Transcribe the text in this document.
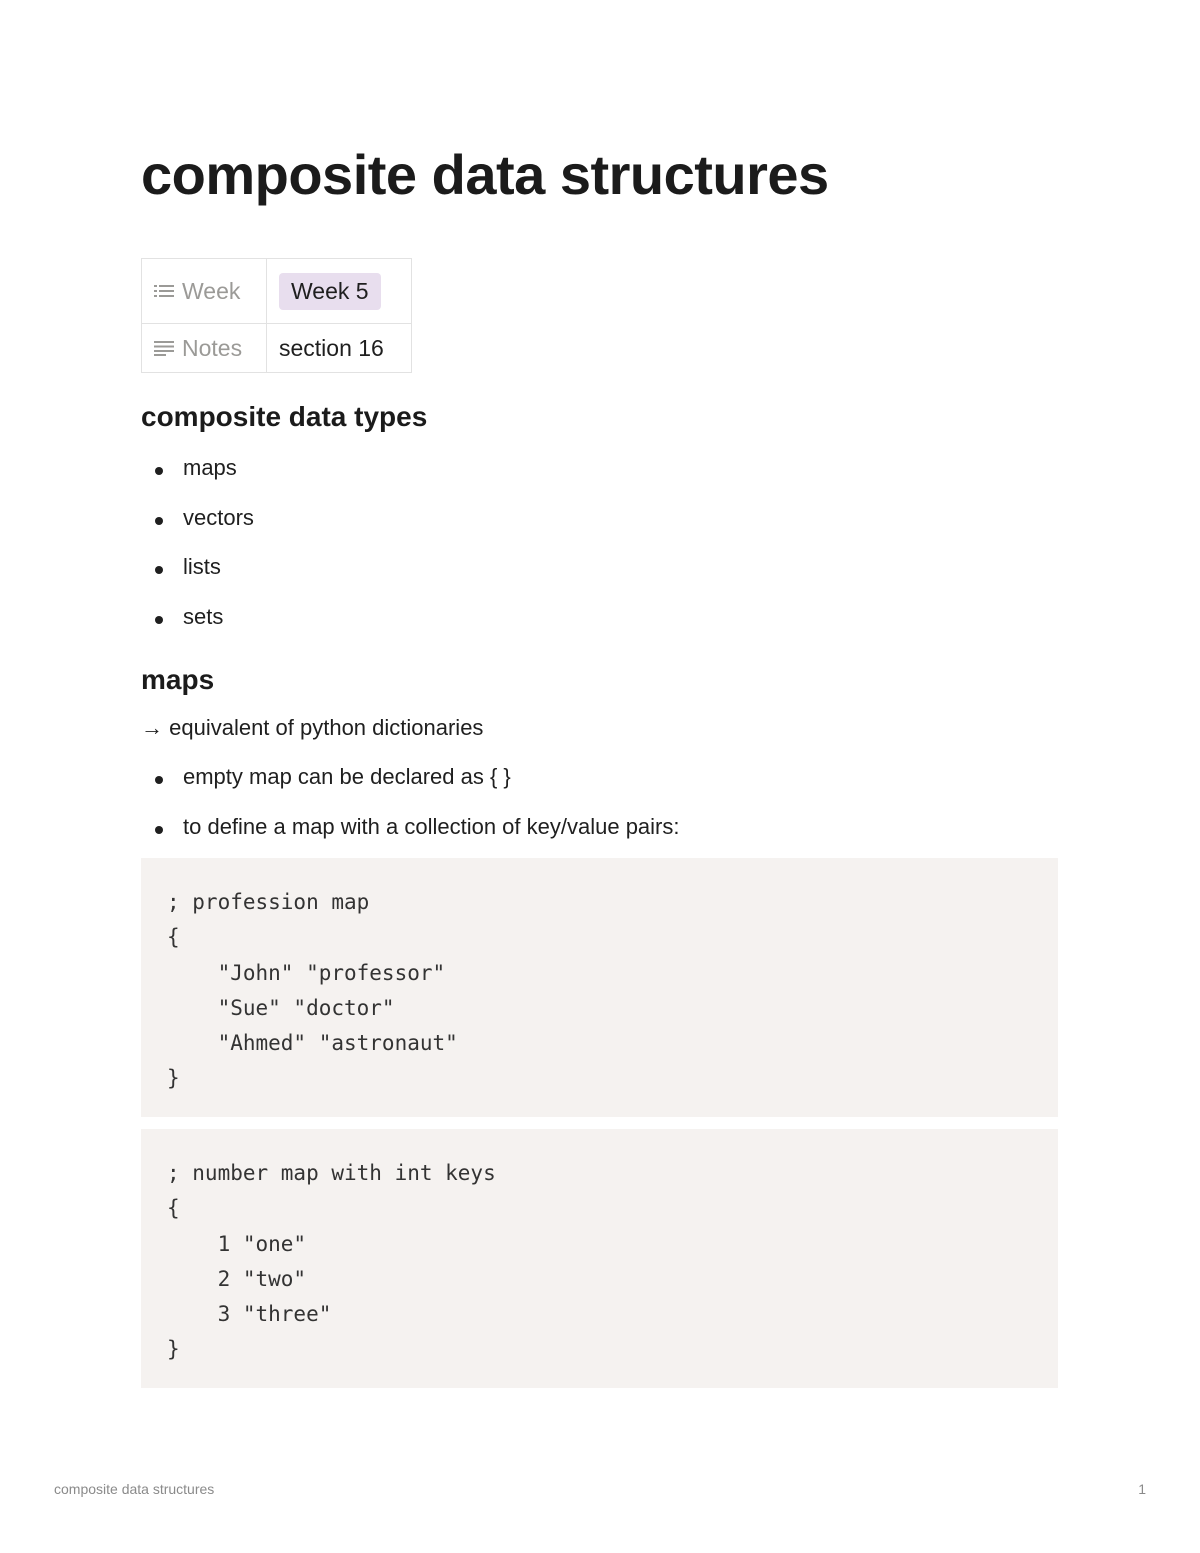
composite data structures
Week	Week 5
Notes	section 16
composite data types
maps
vectors
lists
sets
maps

→ equivalent of python dictionaries

empty map can be declared as { }
to define a map with a collection of key/value pairs:
; profession map
{
"John" "professor"
"Sue" "doctor"
"Ahmed" "astronaut"
}
; number map with int keys
{
1 "one"
2 "two"
3 "three"
}
composite data structures	1
